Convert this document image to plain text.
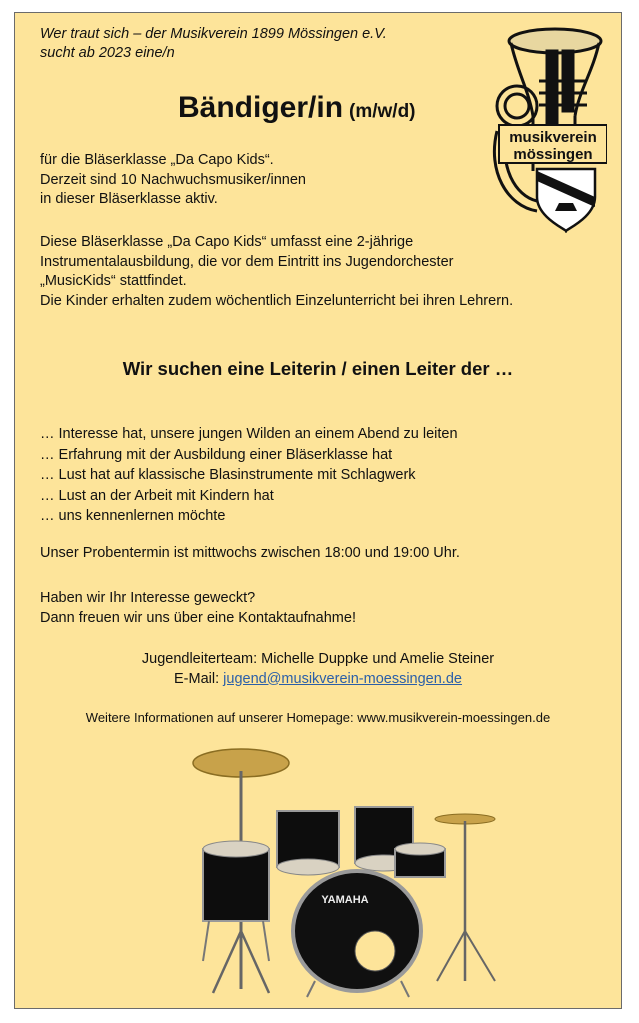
Wer traut sich – der Musikverein 1899 Mössingen e.V.
sucht ab 2023 eine/n
Bändiger/in (m/w/d)
für die Bläserklasse „Da Capo Kids“.
Derzeit sind 10 Nachwuchsmusiker/innen
in dieser Bläserklasse aktiv.
Diese Bläserklasse „Da Capo Kids“ umfasst eine 2-jährige
Instrumentalausbildung, die vor dem Eintritt ins Jugendorchester
„MusicKids“ stattfindet.
Die Kinder erhalten zudem wöchentlich Einzelunterricht bei ihren Lehrern.
Wir suchen eine Leiterin / einen Leiter der …
… Interesse hat, unsere jungen Wilden an einem Abend zu leiten
… Erfahrung mit der Ausbildung einer Bläserklasse hat
… Lust hat auf klassische Blasinstrumente mit Schlagwerk
… Lust an der Arbeit mit Kindern hat
… uns kennenlernen möchte
Unser Probentermin ist mittwochs zwischen 18:00 und 19:00 Uhr.
Haben wir Ihr Interesse geweckt?
Dann freuen wir uns über eine Kontaktaufnahme!
Jugendleiterteam: Michelle Duppke und Amelie Steiner
E-Mail: jugend@musikverein-moessingen.de
Weitere Informationen auf unserer Homepage: www.musikverein-moessingen.de
musikverein
mössingen
YAMAHA
